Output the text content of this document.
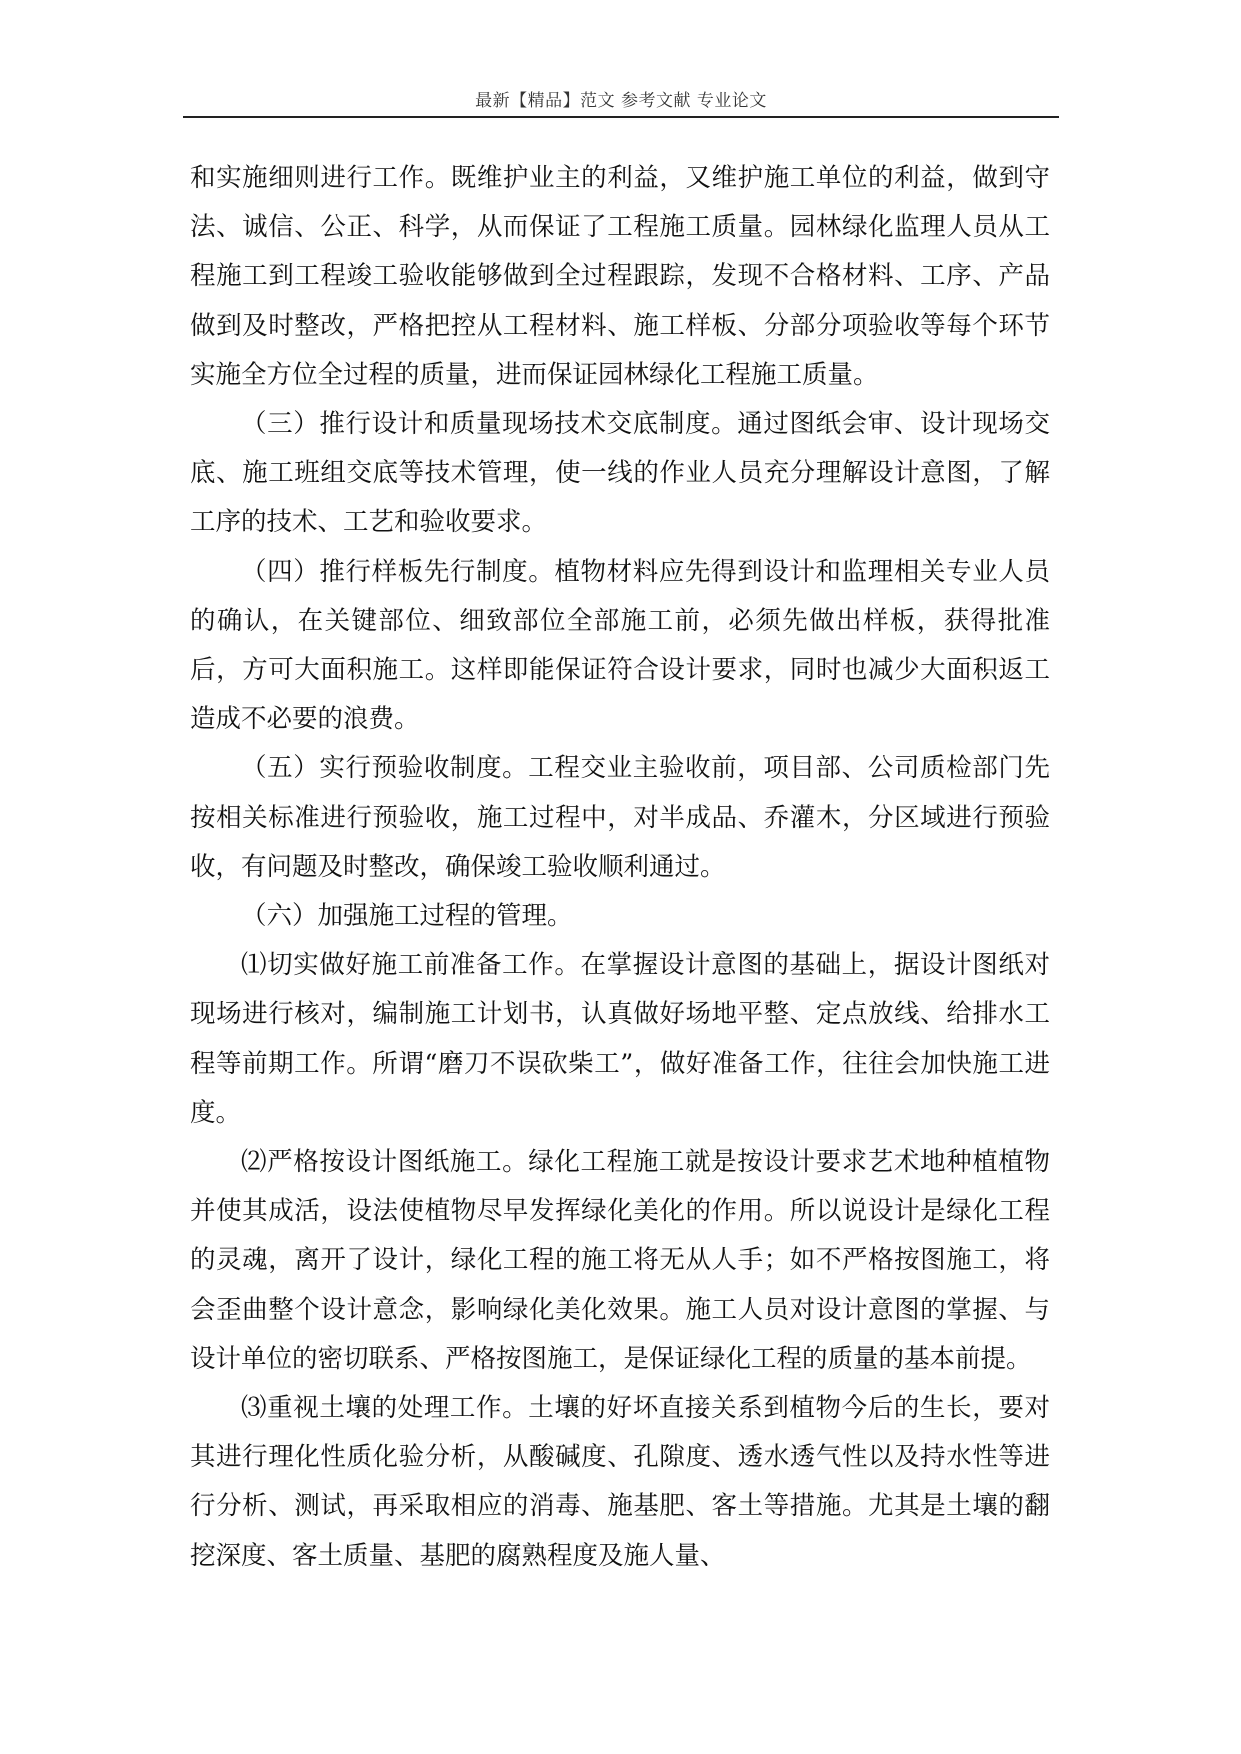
最新【精品】范文 参考文献 专业论文

和实施细则进行工作。既维护业主的利益，又维护施工单位的利益，做到守法、诚信、公正、科学，从而保证了工程施工质量。园林绿化监理人员从工程施工到工程竣工验收能够做到全过程跟踪，发现不合格材料、工序、产品做到及时整改，严格把控从工程材料、施工样板、分部分项验收等每个环节实施全方位全过程的质量，进而保证园林绿化工程施工质量。

（三）推行设计和质量现场技术交底制度。通过图纸会审、设计现场交底、施工班组交底等技术管理，使一线的作业人员充分理解设计意图，了解工序的技术、工艺和验收要求。

（四）推行样板先行制度。植物材料应先得到设计和监理相关专业人员的确认，在关键部位、细致部位全部施工前，必须先做出样板，获得批准后，方可大面积施工。这样即能保证符合设计要求，同时也减少大面积返工造成不必要的浪费。

（五）实行预验收制度。工程交业主验收前，项目部、公司质检部门先按相关标准进行预验收，施工过程中，对半成品、乔灌木，分区域进行预验收，有问题及时整改，确保竣工验收顺利通过。

（六）加强施工过程的管理。

⑴切实做好施工前准备工作。在掌握设计意图的基础上，据设计图纸对现场进行核对，编制施工计划书，认真做好场地平整、定点放线、给排水工程等前期工作。所谓“磨刀不误砍柴工”，做好准备工作，往往会加快施工进度。

⑵严格按设计图纸施工。绿化工程施工就是按设计要求艺术地种植植物并使其成活，设法使植物尽早发挥绿化美化的作用。所以说设计是绿化工程的灵魂，离开了设计，绿化工程的施工将无从人手；如不严格按图施工，将会歪曲整个设计意念，影响绿化美化效果。施工人员对设计意图的掌握、与设计单位的密切联系、严格按图施工，是保证绿化工程的质量的基本前提。

⑶重视土壤的处理工作。土壤的好坏直接关系到植物今后的生长，要对其进行理化性质化验分析，从酸碱度、孔隙度、透水透气性以及持水性等进行分析、测试，再采取相应的消毒、施基肥、客土等措施。尤其是土壤的翻挖深度、客土质量、基肥的腐熟程度及施人量、
